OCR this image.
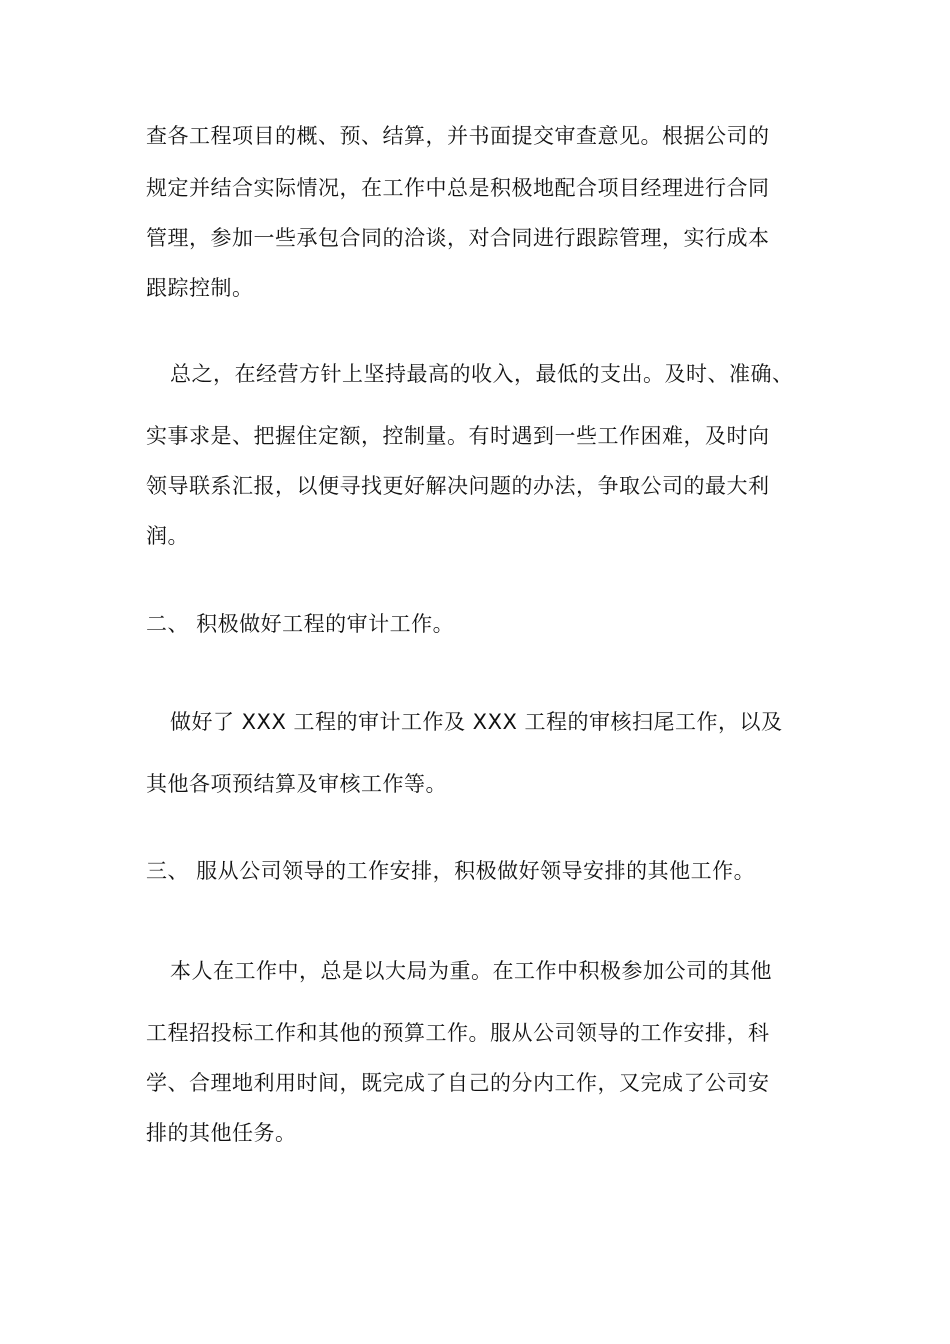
查各工程项目的概、预、结算，并书面提交审查意见。根据公司的
规定并结合实际情况，在工作中总是积极地配合项目经理进行合同
管理，参加一些承包合同的洽谈，对合同进行跟踪管理，实行成本
跟踪控制。
总之，在经营方针上坚持最高的收入，最低的支出。及时、准确、
实事求是、把握住定额，控制量。有时遇到一些工作困难，及时向
领导联系汇报，以便寻找更好解决问题的办法，争取公司的最大利
润。
二、 积极做好工程的审计工作。
做好了 XXX 工程的审计工作及 XXX 工程的审核扫尾工作，以及
其他各项预结算及审核工作等。
三、 服从公司领导的工作安排，积极做好领导安排的其他工作。
本人在工作中，总是以大局为重。在工作中积极参加公司的其他
工程招投标工作和其他的预算工作。服从公司领导的工作安排，科
学、合理地利用时间，既完成了自己的分内工作，又完成了公司安
排的其他任务。
